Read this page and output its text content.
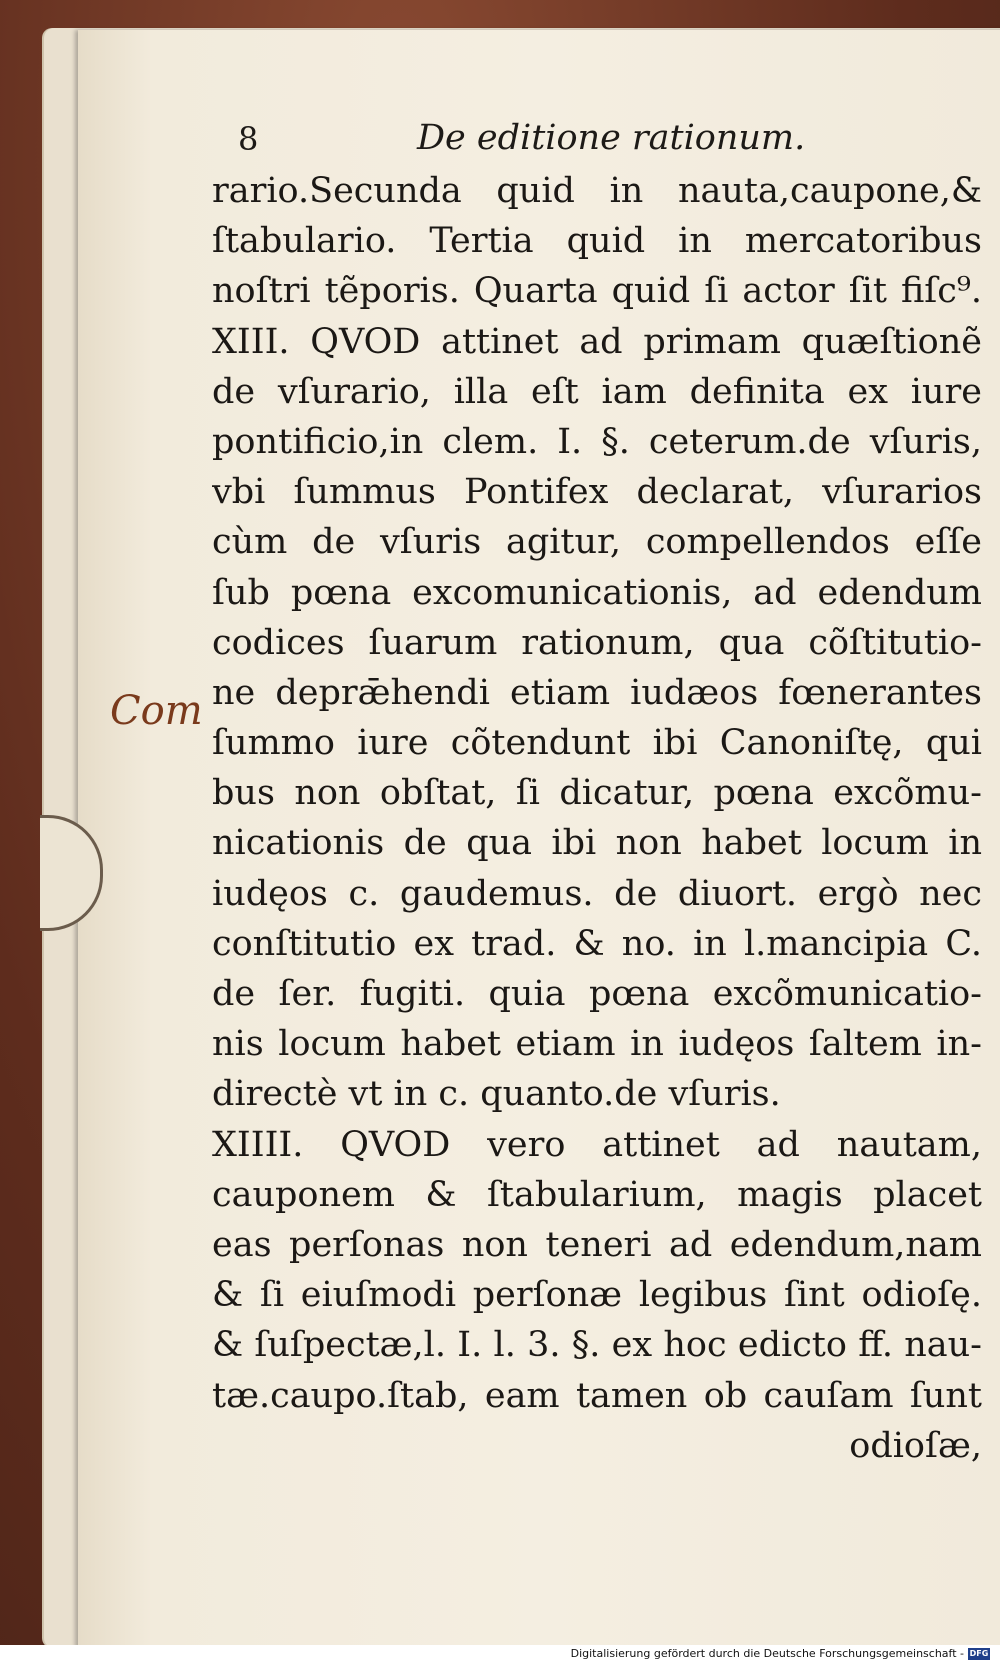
8	De editione rationum.
Com
rario.Secunda quid in nauta,caupone,&
ſtabulario. Tertia quid in mercatoribus
noſtri tẽporis. Quarta quid ſi actor ſit fiſc⁹.
XIII. QVOD attinet ad primam quæſtionẽ
de vſurario, illa eſt iam definita ex iure
pontificio,in clem. I. §. ceterum.de vſuris,
vbi ſummus Pontifex declarat, vſurarios
cùm de vſuris agitur, compellendos eſſe
ſub pœna excomunicationis, ad edendum
codices ſuarum rationum, qua cõſtitutio-
ne deprǣhendi etiam iudæos fœnerantes
ſummo iure cõtendunt ibi Canoniſtę, qui
bus non obſtat, ſi dicatur, pœna excõmu-
nicationis de qua ibi non habet locum in
iudęos c. gaudemus. de diuort. ergò nec
conſtitutio ex trad. & no. in l.mancipia C.
de ſer. fugiti. quia pœna excõmunicatio-
nis locum habet etiam in iudęos ſaltem in-
directè vt in c. quanto.de vſuris.
XIIII. QVOD vero attinet ad nautam,
cauponem & ſtabularium, magis placet
eas perſonas non teneri ad edendum,nam
& ſi eiuſmodi perſonæ legibus ſint odioſę.
& ſuſpectæ,l. I. l. 3. §. ex hoc edicto ff. nau-
tæ.caupo.ſtab, eam tamen ob cauſam ſunt
odioſæ,
Digitalisierung gefördert durch die Deutsche Forschungsgemeinschaft - DFG
